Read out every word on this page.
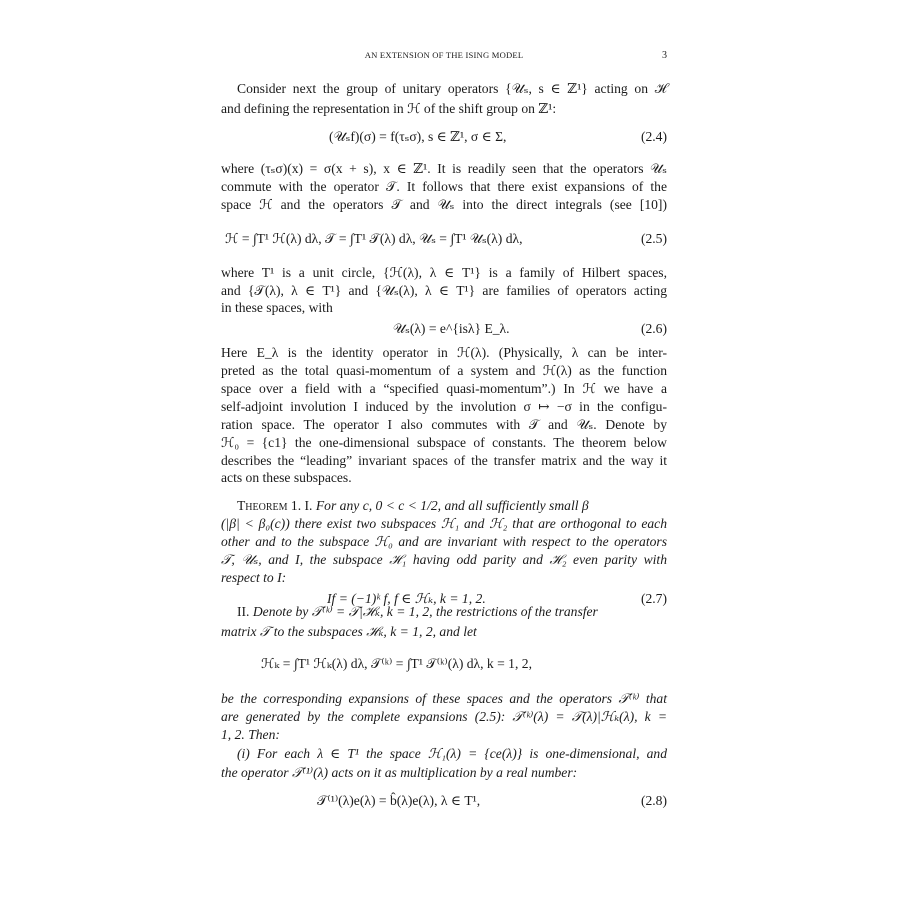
AN EXTENSION OF THE ISING MODEL	3
Consider next the group of unitary operators {𝒰ₛ, s ∈ ℤ¹} acting on ℋ
and defining the representation in ℋ of the shift group on ℤ¹:
(𝒰ₛf)(σ) = f(τₛσ), s ∈ ℤ¹, σ ∈ Σ,	(2.4)
where (τₛσ)(x) = σ(x + s), x ∈ ℤ¹. It is readily seen that the operators 𝒰ₛ
commute with the operator 𝒯. It follows that there exist expansions of the
space ℋ and the operators 𝒯 and 𝒰ₛ into the direct integrals (see [10])
ℋ = ∫T¹ ℋ(λ) dλ, 𝒯 = ∫T¹ 𝒯(λ) dλ, 𝒰ₛ = ∫T¹ 𝒰ₛ(λ) dλ,	(2.5)
where T¹ is a unit circle, {ℋ(λ), λ ∈ T¹} is a family of Hilbert spaces,
and {𝒯(λ), λ ∈ T¹} and {𝒰ₛ(λ), λ ∈ T¹} are families of operators acting
in these spaces, with
𝒰ₛ(λ) = e^{isλ} E_λ.	(2.6)
Here E_λ is the identity operator in ℋ(λ). (Physically, λ can be inter-
preted as the total quasi-momentum of a system and ℋ(λ) as the function
space over a field with a “specified quasi-momentum”.) In ℋ we have a
self-adjoint involution I induced by the involution σ ↦ −σ in the configu-
ration space. The operator I also commutes with 𝒯 and 𝒰ₛ. Denote by
ℋ₀ = {c1} the one-dimensional subspace of constants. The theorem below
describes the “leading” invariant spaces of the transfer matrix and the way it
acts on these subspaces.
Theorem 1. I. For any c, 0 < c < 1/2, and all sufficiently small β
(|β| < β₀(c)) there exist two subspaces ℋ₁ and ℋ₂ that are orthogonal to each
other and to the subspace ℋ₀ and are invariant with respect to the operators
𝒯, 𝒰ₛ, and I, the subspace ℋ₁ having odd parity and ℋ₂ even parity with
respect to I:
If = (−1)ᵏ f, f ∈ ℋₖ, k = 1, 2.	(2.7)
II. Denote by 𝒯⁽ᵏ⁾ = 𝒯|ℋₖ, k = 1, 2, the restrictions of the transfer
matrix 𝒯 to the subspaces ℋₖ, k = 1, 2, and let
ℋₖ = ∫T¹ ℋₖ(λ) dλ, 𝒯⁽ᵏ⁾ = ∫T¹ 𝒯⁽ᵏ⁾(λ) dλ, k = 1, 2,
be the corresponding expansions of these spaces and the operators 𝒯⁽ᵏ⁾ that
are generated by the complete expansions (2.5): 𝒯⁽ᵏ⁾(λ) = 𝒯(λ)|ℋₖ(λ), k =
1, 2. Then:
(i) For each λ ∈ T¹ the space ℋ₁(λ) = {ce(λ)} is one-dimensional, and
the operator 𝒯⁽¹⁾(λ) acts on it as multiplication by a real number:
𝒯⁽¹⁾(λ)e(λ) = b̂(λ)e(λ), λ ∈ T¹,	(2.8)
